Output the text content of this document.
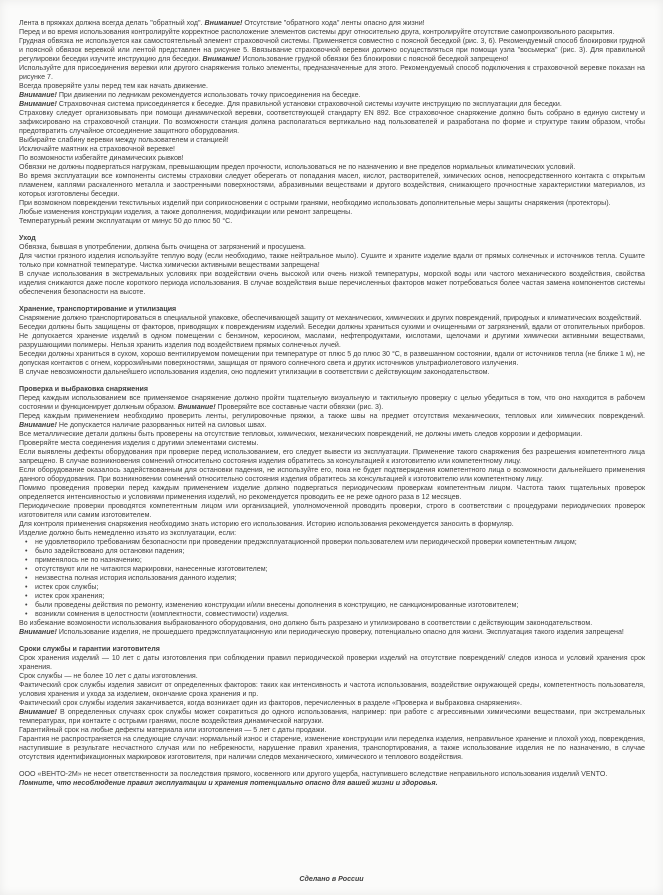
Лента в пряжках должна всегда делать "обратный ход". Внимание! Отсутствие "обратного хода" ленты опасно для жизни!
Перед и во время использования контролируйте корректное расположение элементов системы друг относительно друга, контролируйте отсутствие самопроизвольного раскрытия.
Грудная обвязка не используется как самостоятельный элемент страховочной системы. Применяется совместно с поясной беседкой (рис. 3, 6). Рекомендуемый способ блокировки грудной и поясной обвязок веревкой или лентой представлен на рисунке 5. Ввязывание страховочной веревки должно осуществляться при помощи узла "восьмерка" (рис. 3). Для правильной регулировки беседки изучите инструкцию для беседки. Внимание! Использование грудной обвязки без блокировки с поясной беседкой запрещено!
Используйте для присоединения веревки или другого снаряжения только элементы, предназначенные для этого. Рекомендуемый способ подключения к страховочной веревке показан на рисунке 7.
Всегда проверяйте узлы перед тем как начать движение.
Внимание! При движении по ледникам рекомендуется использовать точку присоединения на беседке.
Внимание! Страховочная система присоединяется к беседке. Для правильной установки страховочной системы изучите инструкцию по эксплуатации для беседки.
Страховку следует организовывать при помощи динамической веревки, соответствующей стандарту EN 892. Все страховочное снаряжение должно быть собрано в единую систему и зафиксировано на страховочной станции. По возможности станция должна располагаться вертикально над пользователей и разработана по форме и структуре таким образом, чтобы предотвратить случайное отсоединение защитного оборудования.
Выбирайте слабину веревки между пользователем и станцией!
Исключайте маятник на страховочной веревке!
По возможности избегайте динамических рывков!
Обвязки не должны подвергаться нагрузкам, превышающим предел прочности, использоваться не по назначению и вне пределов нормальных климатических условий.
Во время эксплуатации все компоненты системы страховки следует оберегать от попадания масел, кислот, растворителей, химических основ, непосредственного контакта с открытым пламенем, каплями раскаленного металла и заостренными поверхностями, абразивными веществами и другого воздействия, снижающего прочностные характеристики материалов, из которых изготовлены беседки.
При возможном повреждении текстильных изделий при соприкосновении с острыми гранями, необходимо использовать дополнительные меры защиты снаряжения (протекторы).
Любые изменения конструкции изделия, а также дополнения, модификации или ремонт запрещены.
Температурный режим эксплуатации от минус 50 до плюс 50 °С.
Уход
Обвязка, бывшая в употреблении, должна быть очищена от загрязнений и просушена.
Для чистки грязного изделия используйте теплую воду (если необходимо, также нейтральное мыло). Сушите и храните изделие вдали от прямых солнечных и источников тепла. Сушите только при комнатной температуре. Чистка химически активными веществами запрещена!
В случае использования в экстремальных условиях при воздействии очень высокой или очень низкой температуры, морской воды или частого механического воздействия, свойства изделия снижаются даже после короткого периода использования. В случае воздействия выше перечисленных факторов может потребоваться более частая замена компонентов системы обеспечения безопасности на высоте.
Хранение, транспортирование и утилизация
Снаряжение должно транспортироваться в специальной упаковке, обеспечивающей защиту от механических, химических и других повреждений, природных и климатических воздействий.
Беседки должны быть защищены от факторов, приводящих к повреждениям изделий. Беседки должны храниться сухими и очищенными от загрязнений, вдали от отопительных приборов. Не допускается хранение изделий в одном помещении с бензином, керосином, маслами, нефтепродуктами, кислотами, щелочами и другими химически активными веществами, разрушающими полимеры. Нельзя хранить изделия под воздействием прямых солнечных лучей.
Беседки должны храниться в сухом, хорошо вентилируемом помещении при температуре от плюс 5 до плюс 30 °С, в развешанном состоянии, вдали от источников тепла (не ближе 1 м), не допуская контактов с огнем, коррозийными поверхностями, защищая от прямого солнечного света и других источников ультрафиолетового излучения.
В случае невозможности дальнейшего использования изделия, оно подлежит утилизации в соответствии с действующим законодательством.
Проверка и выбраковка снаряжения
Перед каждым использованием все применяемое снаряжение должно пройти тщательную визуальную и тактильную проверку с целью убедиться в том, что оно находится в рабочем состоянии и функционирует должным образом. Внимание! Проверяйте все составные части обвязки (рис. 3).
Перед каждым применением необходимо проверить ленты, регулировочные пряжки, а также швы на предмет отсутствия механических, тепловых или химических повреждений. Внимание! Не допускается наличие разорванных нитей на силовых швах.
Все металлические детали должны быть проверены на отсутствие тепловых, химических, механических повреждений, не должны иметь следов коррозии и деформации.
Проверяйте места соединения изделия с другими элементами системы.
Если выявлены дефекты оборудования при проверке перед использованием, его следует вывести из эксплуатации. Применение такого снаряжения без разрешения компетентного лица запрещено. В случае возникновения сомнений относительно состояния изделия обратитесь за консультацией к изготовителю или компетентному лицу.
Если оборудование оказалось задействованным для остановки падения, не используйте его, пока не будет подтверждения компетентного лица о возможности дальнейшего применения данного оборудования. При возникновении сомнений относительно состояния изделия обратитесь за консультацией к изготовителю или компетентному лицу.
Помимо проведения проверки перед каждым применением изделие должно подвергаться периодическим проверкам компетентным лицом. Частота таких тщательных проверок определяется интенсивностью и условиями применения изделий, но рекомендуется проводить ее не реже одного раза в 12 месяцев.
Периодические проверки проводятся компетентным лицом или организацией, уполномоченной проводить проверки, строго в соответствии с процедурами периодических проверок изготовителя или самим изготовителем.
Для контроля применения снаряжения необходимо знать историю его использования. Историю использования рекомендуется заносить в формуляр.
Изделие должно быть немедленно изъято из эксплуатации, если:
• не удовлетворило требованиям безопасности при проведении предэксплуатационной проверки пользователем или периодической проверки компетентным лицом;
• было задействовано для остановки падения;
• применялось не по назначению;
• отсутствуют или не читаются маркировки, нанесенные изготовителем;
• неизвестна полная история использования данного изделия;
• истек срок службы;
• истек срок хранения;
• были проведены действия по ремонту, изменению конструкции и/или внесены дополнения в конструкцию, не санкционированные изготовителем;
• возникли сомнения в целостности (комплектности, совместимости) изделия.
Во избежание возможности использования выбракованного оборудования, оно должно быть разрезано и утилизировано в соответствии с действующим законодательством.
Внимание! Использование изделия, не прошедшего предэксплуатационную или периодическую проверку, потенциально опасно для жизни. Эксплуатация такого изделия запрещена!
Сроки службы и гарантии изготовителя
Срок хранения изделий — 10 лет с даты изготовления при соблюдении правил периодической проверки изделий на отсутствие повреждений/ следов износа и условий хранения срок хранения.
Срок службы — не более 10 лет с даты изготовления.
Фактический срок службы изделия зависит от определенных факторов: таких как интенсивность и частота использования, воздействие окружающей среды, компетентность пользователя, условия хранения и ухода за изделием, окончание срока хранения и пр.
Фактический срок службы изделия заканчивается, когда возникает один из факторов, перечисленных в разделе «Проверка и выбраковка снаряжения».
Внимание! В определенных случаях срок службы может сократиться до одного использования, например: при работе с агрессивными химическими веществами, при экстремальных температурах, при контакте с острыми гранями, после воздействия динамической нагрузки.
Гарантийный срок на любые дефекты материала или изготовления — 5 лет с даты продажи.
Гарантия не распространяется на следующие случаи: нормальный износ и старение, изменение конструкции или переделка изделия, неправильное хранение и плохой уход, повреждения, наступившие в результате несчастного случая или по небрежности, нарушение правил хранения, транспортирования, а также использование изделия не по назначению, в случае отсутствия идентификационных маркировок изготовителя, при наличии следов механического, химического и теплового воздействия.
ООО «ВЕНТО-2М» не несет ответственности за последствия прямого, косвенного или другого ущерба, наступившего вследствие неправильного использования изделий VENTO.
Помните, что несоблюдение правил эксплуатации и хранения потенциально опасно для вашей жизни и здоровья.
Сделано в России
